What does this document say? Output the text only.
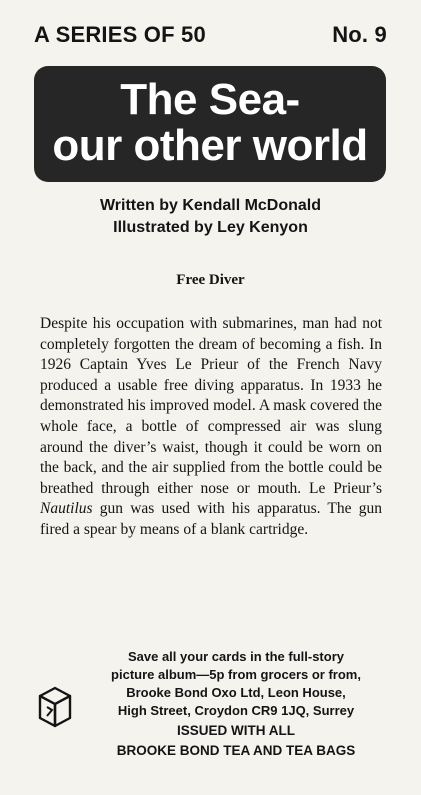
A SERIES OF 50	No. 9
The Sea-
our other world
Written by Kendall McDonald
Illustrated by Ley Kenyon
Free Diver

Despite his occupation with submarines, man had not completely forgotten the dream of becoming a fish. In 1926 Captain Yves Le Prieur of the French Navy produced a usable free diving apparatus. In 1933 he demonstrated his improved model. A mask covered the whole face, a bottle of compressed air was slung around the diver’s waist, though it could be worn on the back, and the air supplied from the bottle could be breathed through either nose or mouth. Le Prieur’s Nautilus gun was used with his apparatus. The gun fired a spear by means of a blank cartridge.

Save all your cards in the full-story
picture album—5p from grocers or from,
Brooke Bond Oxo Ltd, Leon House,
High Street, Croydon CR9 1JQ, Surrey
ISSUED WITH ALL
BROOKE BOND TEA AND TEA BAGS
